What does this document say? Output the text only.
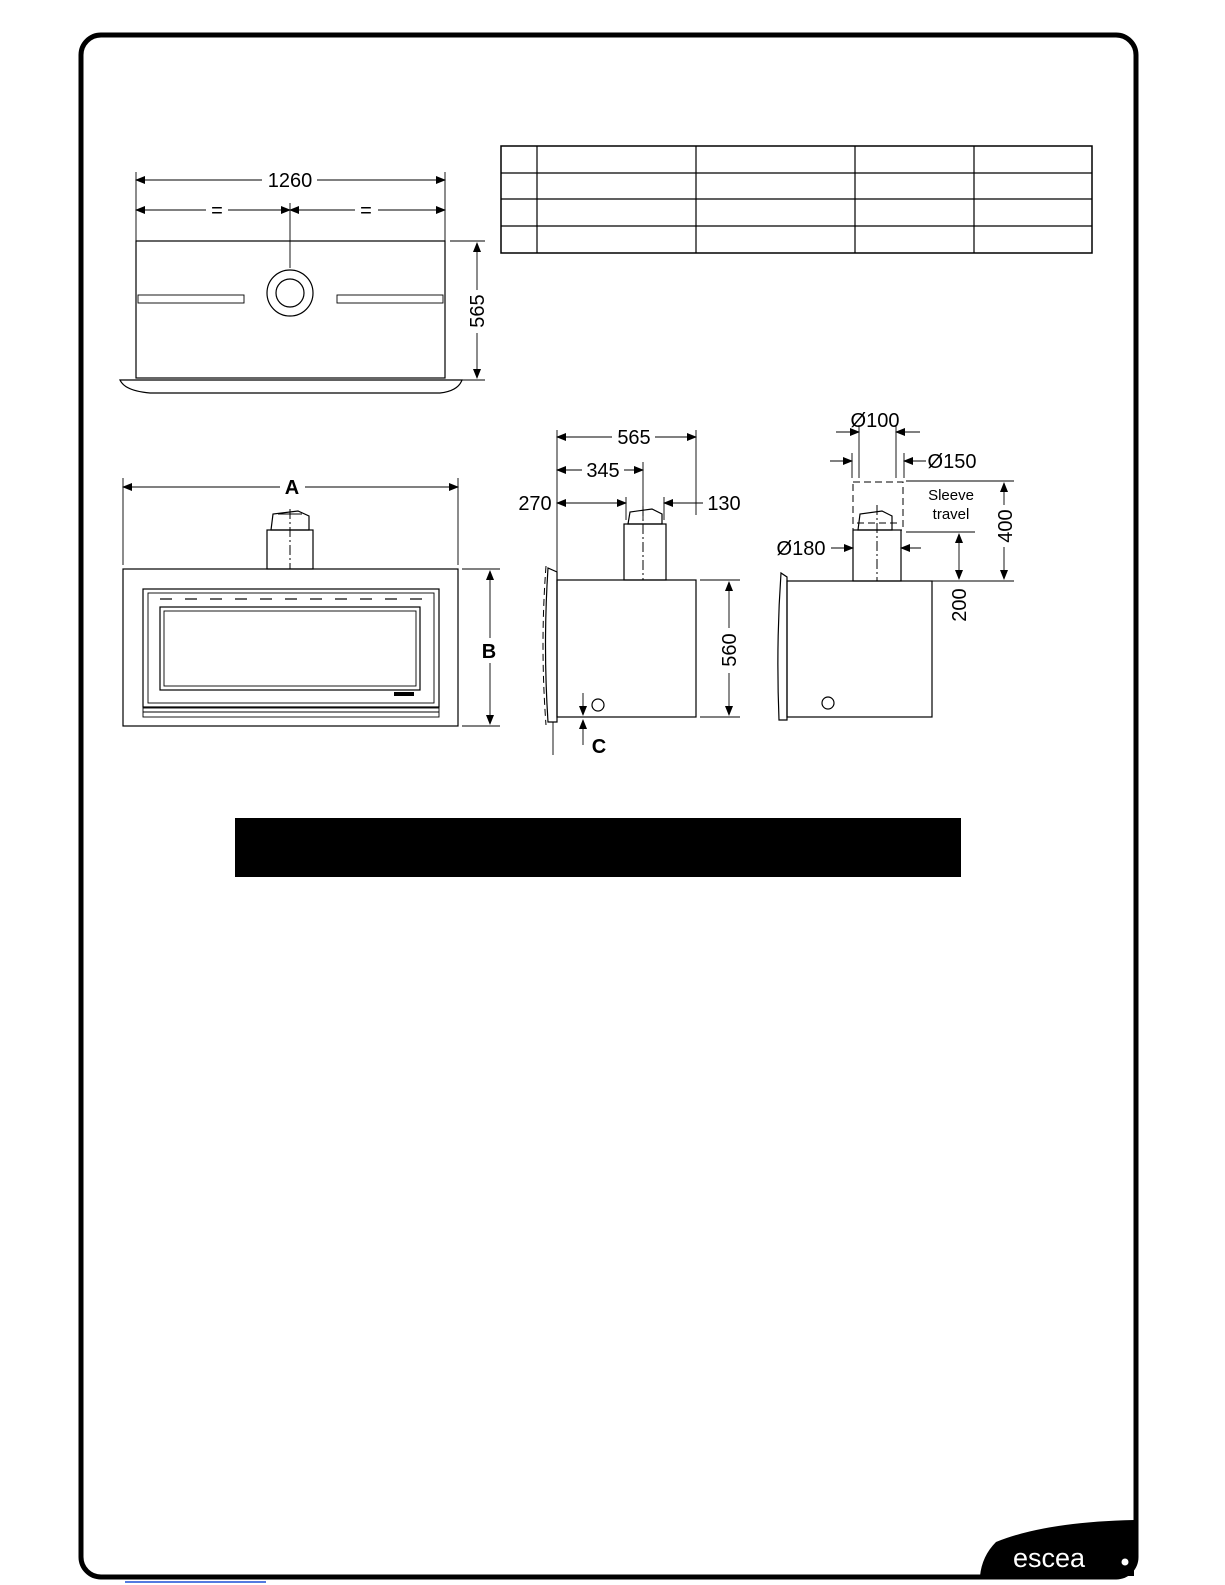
1260
=	=
565
A
B
565
345
270	130
560
C
Ø100
Ø150
Ø180
Sleeve
travel 400
200
escea
